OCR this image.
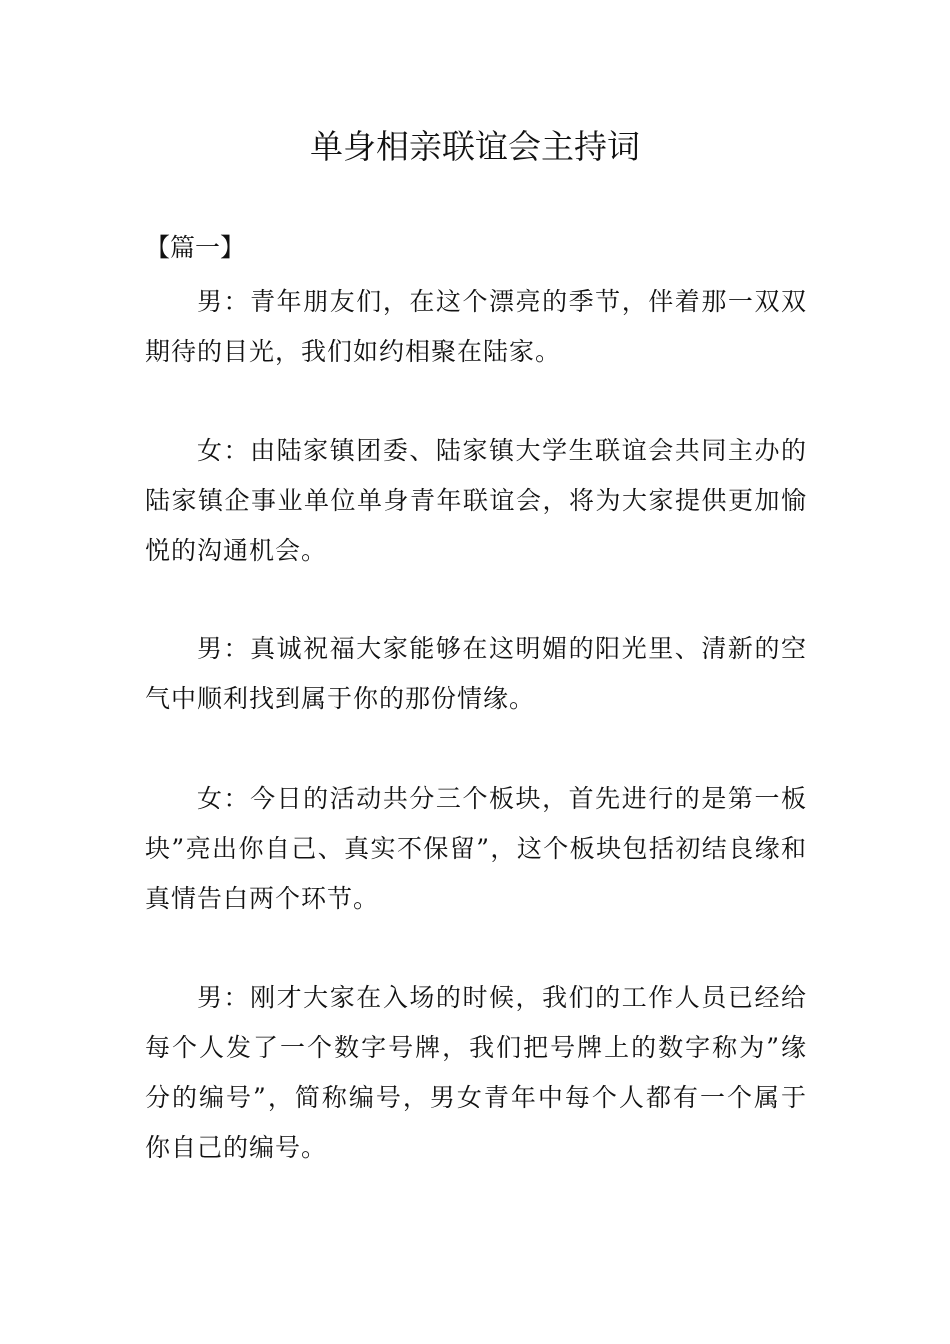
单身相亲联谊会主持词

【篇一】

男：青年朋友们，在这个漂亮的季节，伴着那一双双期待的目光，我们如约相聚在陆家。

女：由陆家镇团委、陆家镇大学生联谊会共同主办的陆家镇企事业单位单身青年联谊会，将为大家提供更加愉悦的沟通机会。

男：真诚祝福大家能够在这明媚的阳光里、清新的空气中顺利找到属于你的那份情缘。

女：今日的活动共分三个板块，首先进行的是第一板块”亮出你自己、真实不保留”，这个板块包括初结良缘和真情告白两个环节。

男：刚才大家在入场的时候，我们的工作人员已经给每个人发了一个数字号牌，我们把号牌上的数字称为”缘分的编号”，简称编号，男女青年中每个人都有一个属于你自己的编号。
